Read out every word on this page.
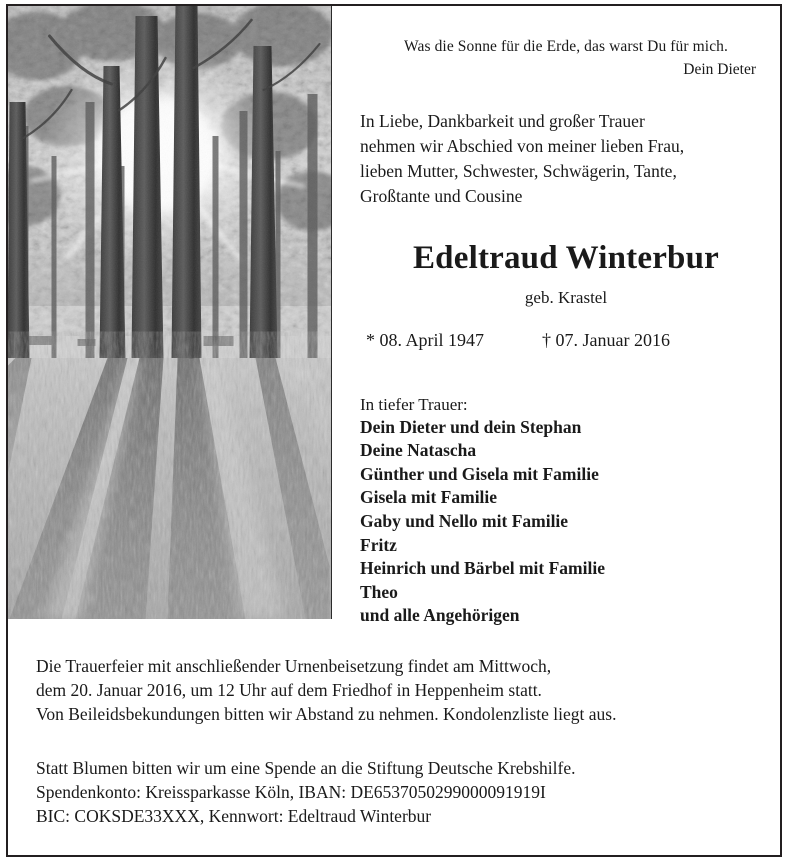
Was die Sonne für die Erde, das warst Du für mich.
Dein Dieter
In Liebe, Dankbarkeit und großer Trauer
nehmen wir Abschied von meiner lieben Frau,
lieben Mutter, Schwester, Schwägerin, Tante,
Großtante und Cousine
Edeltraud Winterbur
geb. Krastel
* 08. April 1947	† 07. Januar 2016
In tiefer Trauer:
Dein Dieter und dein Stephan
Deine Natascha
Günther und Gisela mit Familie
Gisela mit Familie
Gaby und Nello mit Familie
Fritz
Heinrich und Bärbel mit Familie
Theo
und alle Angehörigen
Die Trauerfeier mit anschließender Urnenbeisetzung findet am Mittwoch,
dem 20. Januar 2016, um 12 Uhr auf dem Friedhof in Heppenheim statt.
Von Beileidsbekundungen bitten wir Abstand zu nehmen. Kondolenzliste liegt aus.
Statt Blumen bitten wir um eine Spende an die Stiftung Deutsche Krebshilfe.
Spendenkonto: Kreissparkasse Köln, IBAN: DE6537050299000091919I
BIC: COKSDE33XXX, Kennwort: Edeltraud Winterbur
